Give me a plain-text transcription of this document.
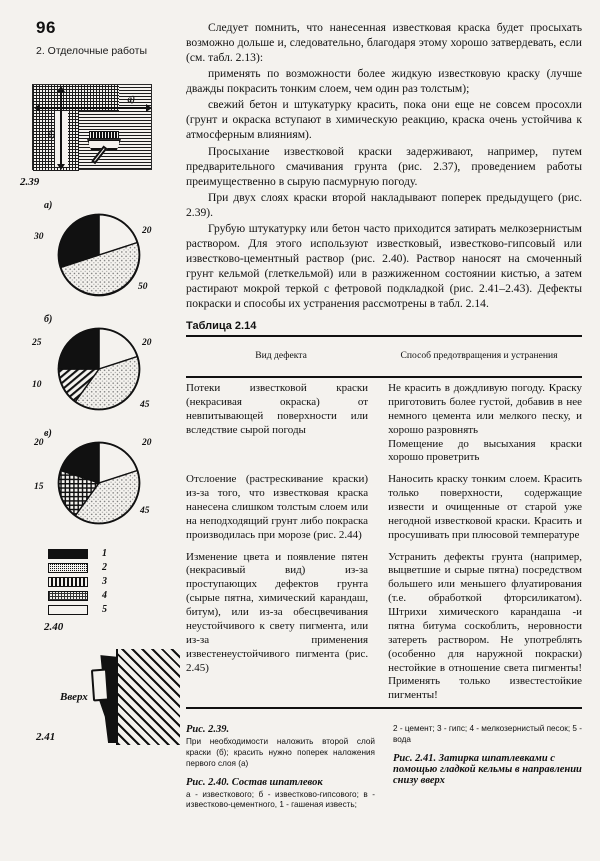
96
2. Отделочные работы
а)
б)
2.39
а)
20
50
30
б)
20
45
10
25
в)
20
45
15
20
1
2
3
4
5
2.40
Вверх
2.41

Следует помнить, что нанесенная известковая краска будет просыхать возможно дольше и, следовательно, благодаря этому хорошо затвердевать, если (см. табл. 2.13):

применять по возможности более жидкую известковую краску (лучше дважды покрасить тонким слоем, чем один раз толстым);

свежий бетон и штукатурку красить, пока они еще не совсем просохли (грунт и окраска вступают в химическую реакцию, краска очень устойчива к атмосферным влияниям).

Просыхание известковой краски задерживают, например, путем предварительного смачивания грунта (рис. 2.37), проведением работы преимущественно в сырую пасмурную погоду.

При двух слоях краски второй накладывают поперек предыдущего (рис. 2.39).

Грубую штукатурку или бетон часто приходится затирать мелкозернистым раствором. Для этого используют известковый, известково-гипсовый или известково-цементный раствор (рис. 2.40). Раствор наносят на смоченный грунт кельмой (глеткельмой) или в разжиженном состоянии кистью, а затем растирают мокрой теркой с фетровой подкладкой (рис. 2.41–2.43). Дефекты покраски и способы их устранения рассмотрены в табл. 2.14.

Таблица 2.14

Вид дефекта	Способ предотвращения и устранения

Потеки известковой краски (некрасивая окраска) от невпитывающей поверхности или вследствие сырой погоды	Не красить в дождливую погоду. Краску приготовить более густой, добавив в нее немного цемента или мелкого песку, и хорошо разровнять

Помещение до высыхания краски хорошо проветрить

Отслоение (растрескивание краски) из-за того, что известковая краска нанесена слишком толстым слоем или на неподходящий грунт либо покраска производилась при морозе (рис. 2.44)	Наносить краску тонким слоем. Красить только поверхности, содержащие извести и очищенные от старой уже негодной известковой краски. Красить и просушивать при плюсовой температуре
Изменение цвета и появление пятен (некрасивый вид) из-за проступающих дефектов грунта (сырые пятна, химический карандаш, битум), или из-за обесцвечивания неустойчивого к свету пигмента, или из-за применения известенеустойчивого пигмента (рис. 2.45)	Устранить дефекты грунта (например, выцветшие и сырые пятна) посредством большего или меньшего флуатирования (т.е. обработкой фторсиликатом). Штрихи химического карандаша -и пятна битума соскоблить, неровности затереть раствором. Не употреблять (особенно для наружной покраски) нестойкие в отношение света пигменты! Применять только известестойкие пигменты!

Рис. 2.39.
При необходимости наложить второй слой краски (б); красить нужно поперек наложения первого слоя (а)
Рис. 2.40. Состав шпатлевок
а - известкового; б - известково-гипсового; в - известково-цементного, 1 - гашеная известь;
2 - цемент; 3 - гипс; 4 - мелкозернистый песок; 5 - вода
Рис. 2.41. Затирка шпатлевками с помощью гладкой кельмы в направлении снизу вверх
